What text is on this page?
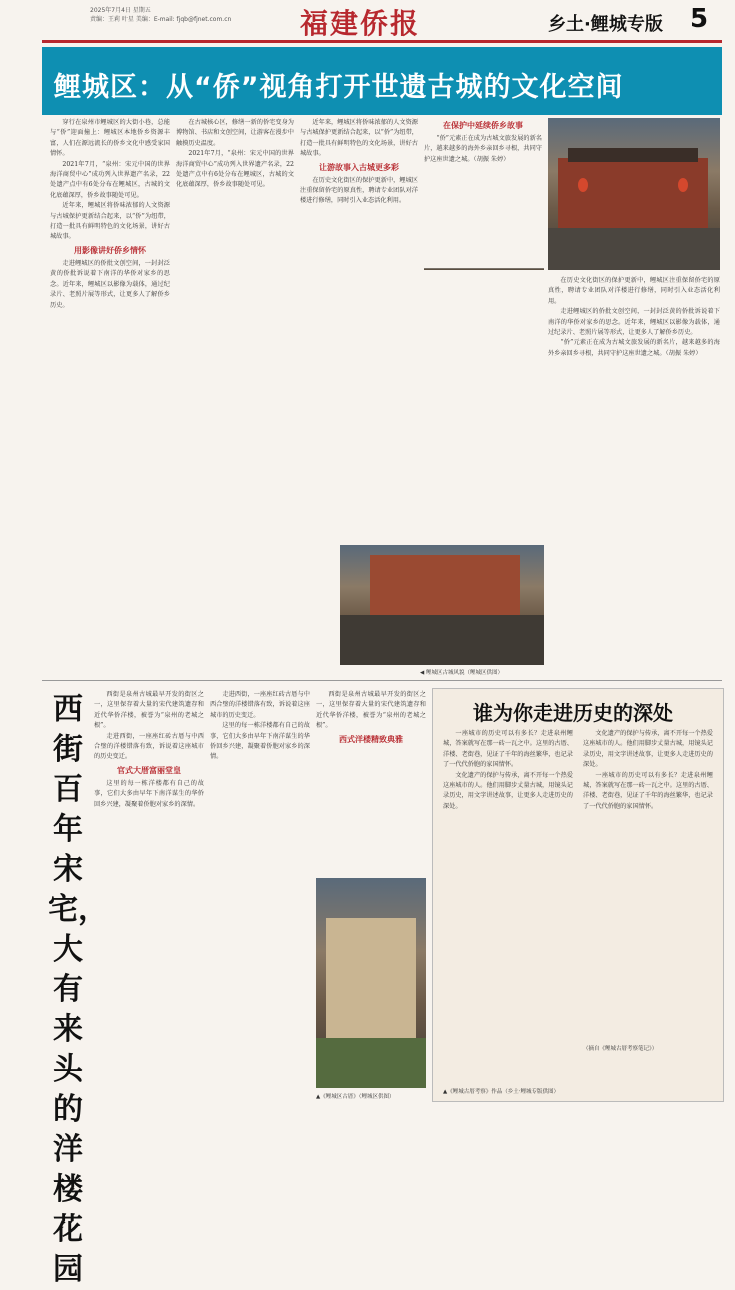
2025年7月4日 星期五
责编：王莉 叶星 美编：E-mail: fjqb@fjnet.com.cn 福建侨报	乡土·鲤城专版 5
鲤城区：从“侨”视角打开世遗古城的文化空间

穿行在泉州市鲤城区的大街小巷，总能与“侨”迎面撞上：鲤城区本地侨乡资源丰富，人们在源远流长的侨乡文化中感受家国情怀。

2021年7月，“泉州：宋元中国的世界海洋商贸中心”成功列入世界遗产名录，22处遗产点中有6处分布在鲤城区，古城的文化底蕴深厚，侨乡故事随处可见。

近年来，鲤城区将侨味浓郁的人文资源与古城保护更新结合起来，以“侨”为纽带，打造一批具有鲜明特色的文化场景，讲好古城故事。

用影像讲好侨乡情怀

走进鲤城区的侨批文创空间，一封封泛黄的侨批诉说着下南洋的华侨对家乡的思念。近年来，鲤城区以影像为载体，通过纪录片、老照片展等形式，让更多人了解侨乡历史。

在古城核心区，修缮一新的侨宅变身为博物馆、书店和文创空间，让游客在漫步中触摸历史温度。

2021年7月，“泉州：宋元中国的世界海洋商贸中心”成功列入世界遗产名录，22处遗产点中有6处分布在鲤城区，古城的文化底蕴深厚，侨乡故事随处可见。

近年来，鲤城区将侨味浓郁的人文资源与古城保护更新结合起来，以“侨”为纽带，打造一批具有鲜明特色的文化场景，讲好古城故事。

让游故事入古城更多彩

在历史文化街区的保护更新中，鲤城区注重保留侨宅的原真性，聘请专业团队对洋楼进行修缮，同时引入业态活化利用。

在保护中延续侨乡故事

“侨”元素正在成为古城文旅发展的新名片，越来越多的海外乡亲回乡寻根，共同守护这座世遗之城。（胡振 朱婷）

在历史文化街区的保护更新中，鲤城区注重保留侨宅的原真性，聘请专业团队对洋楼进行修缮，同时引入业态活化利用。

走进鲤城区的侨批文创空间，一封封泛黄的侨批诉说着下南洋的华侨对家乡的思念。近年来，鲤城区以影像为载体，通过纪录片、老照片展等形式，让更多人了解侨乡历史。

“侨”元素正在成为古城文旅发展的新名片，越来越多的海外乡亲回乡寻根，共同守护这座世遗之城。（胡振 朱婷）

◀ 鲤城区古城风貌（鲤城区供图）
西街百年宋宅，大有来头的洋楼花园

西街是泉州古城最早开发的街区之一，这里保存着大量的宋代建筑遗存和近代华侨洋楼，被誉为“泉州的老城之根”。

走进西街，一座座红砖古厝与中西合璧的洋楼错落有致，诉说着这座城市的历史变迁。

官式大厝富丽堂皇

这里的每一栋洋楼都有自己的故事，它们大多由早年下南洋谋生的华侨回乡兴建，凝聚着侨胞对家乡的深情。

走进西街，一座座红砖古厝与中西合璧的洋楼错落有致，诉说着这座城市的历史变迁。

这里的每一栋洋楼都有自己的故事，它们大多由早年下南洋谋生的华侨回乡兴建，凝聚着侨胞对家乡的深情。

西街是泉州古城最早开发的街区之一，这里保存着大量的宋代建筑遗存和近代华侨洋楼，被誉为“泉州的老城之根”。

西式洋楼精致典雅
▲《鲤城区古厝》（鲤城区供图）
谁为你走进历史的深处

一座城市的历史可以有多长？走进泉州鲤城，答案就写在那一砖一瓦之中。这里的古厝、洋楼、老街巷，见证了千年的海丝繁华，也记录了一代代侨胞的家国情怀。

文化遗产的保护与传承，离不开每一个热爱这座城市的人。他们用脚步丈量古城，用镜头记录历史，用文字讲述故事，让更多人走进历史的深处。

文化遗产的保护与传承，离不开每一个热爱这座城市的人。他们用脚步丈量古城，用镜头记录历史，用文字讲述故事，让更多人走进历史的深处。

一座城市的历史可以有多长？走进泉州鲤城，答案就写在那一砖一瓦之中。这里的古厝、洋楼、老街巷，见证了千年的海丝繁华，也记录了一代代侨胞的家国情怀。

（摘自《鲤城古厝考察笔记》）
▲《鲤城古厝考察》作品（乡土·鲤城专版供图）
